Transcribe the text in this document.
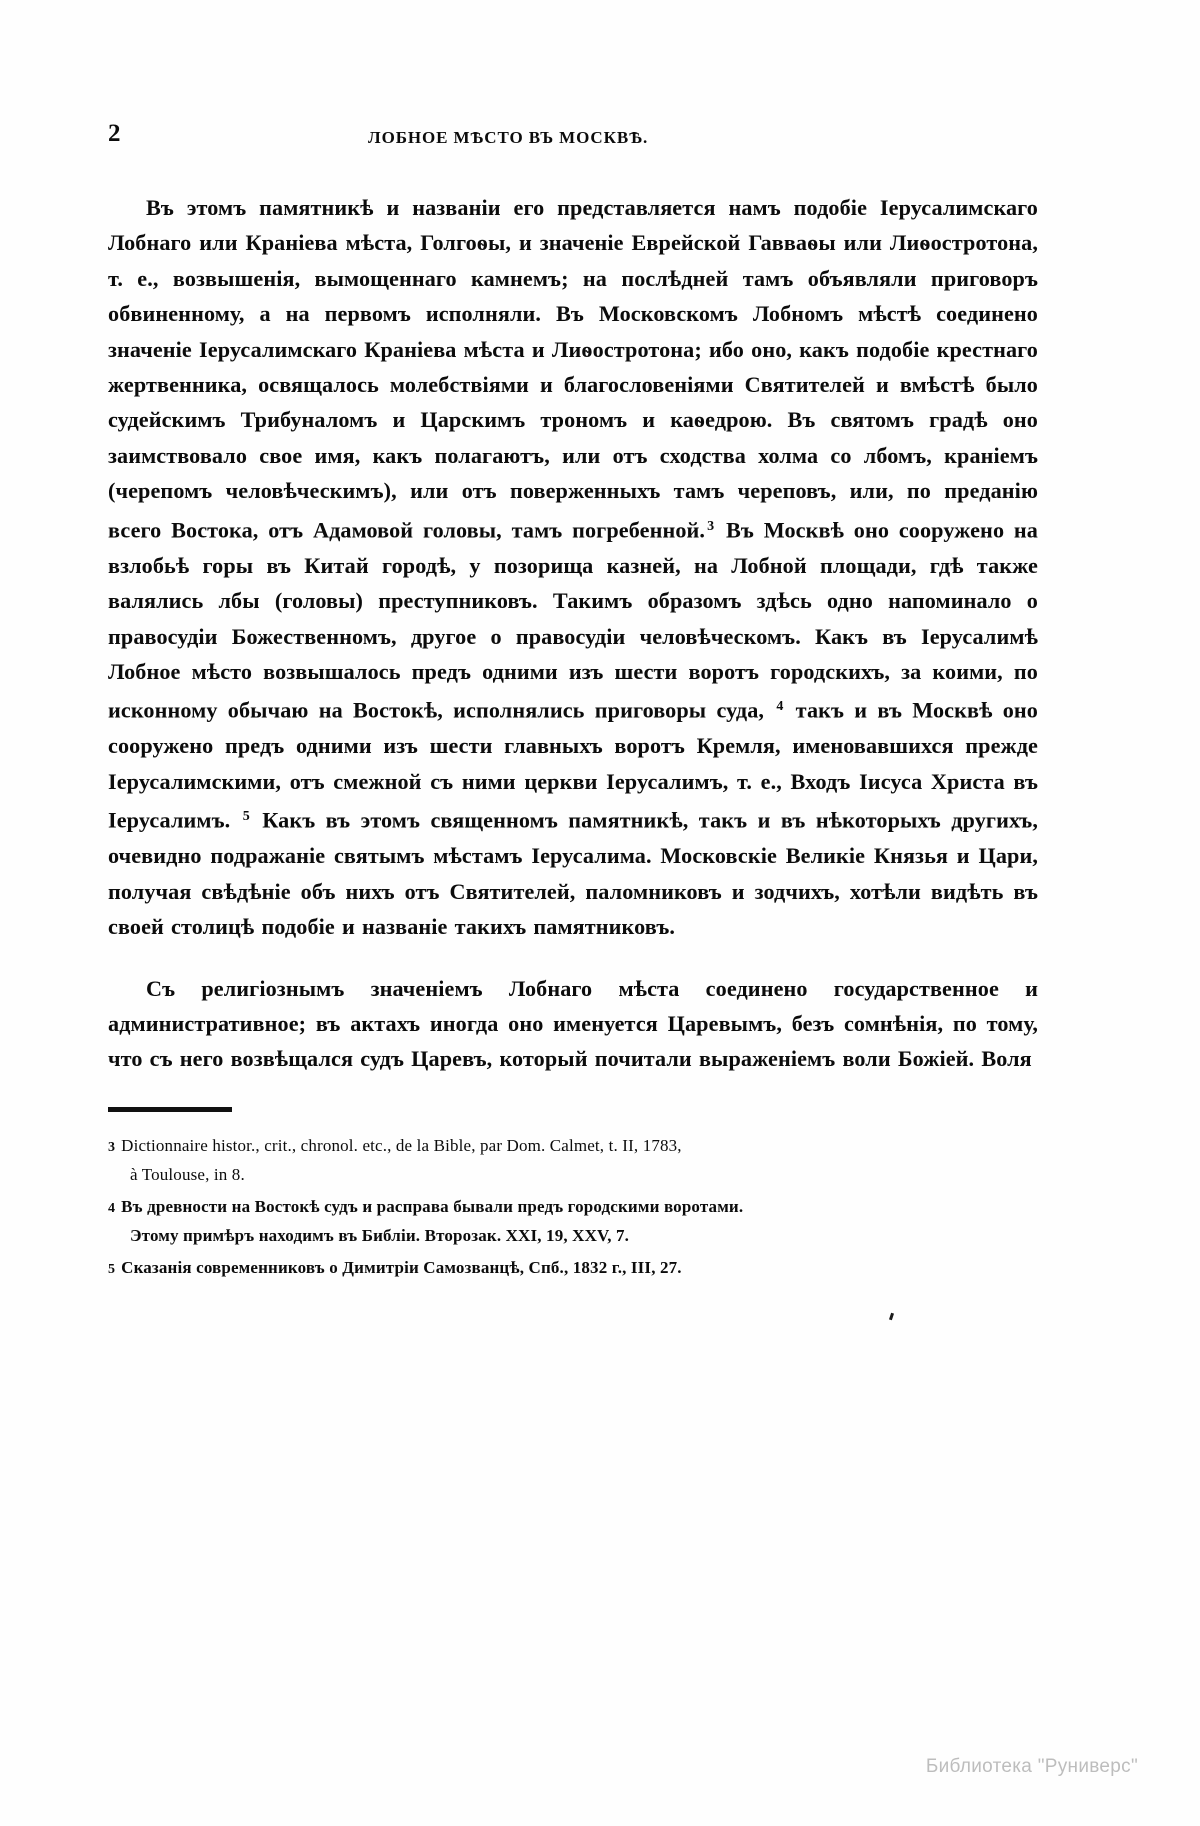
2	ЛОБНОЕ МѢСТО ВЪ МОСКВѢ.

Въ этомъ памятникѣ и названіи его представляется намъ подобіе Іерусалимскаго Лобнаго или Краніева мѣста, Голгоѳы, и значеніе Еврейской Гавваѳы или Лиѳостротона, т. е., возвышенія, вымощеннаго камнемъ; на послѣдней тамъ объявляли приговоръ обвиненному, а на первомъ исполняли. Въ Московскомъ Лобномъ мѣстѣ соединено значеніе Іерусалимскаго Краніева мѣста и Лиѳостротона; ибо оно, какъ подобіе крестнаго жертвенника, освящалось молебствіями и благословеніями Святителей и вмѣстѣ было судейскимъ Трибуналомъ и Царскимъ трономъ и каѳедрою. Въ святомъ градѣ оно заимствовало свое имя, какъ полагаютъ, или отъ сходства холма со лбомъ, краніемъ (черепомъ человѣческимъ), или отъ поверженныхъ тамъ череповъ, или, по преданію всего Востока, отъ Адамовой головы, тамъ погребенной. $^3$ Въ Москвѣ оно сооружено на взлобьѣ горы въ Китай городѣ, у позорища казней, на Лобной площади, гдѣ также валялись лбы (головы) преступниковъ. Такимъ образомъ здѣсь одно напоминало о правосудіи Божественномъ, другое о правосудіи человѣческомъ. Какъ въ Іерусалимѣ Лобное мѣсто возвышалось предъ одними изъ шести воротъ городскихъ, за коими, по исконному обычаю на Востокѣ, исполнялись приговоры суда, $^4$ такъ и въ Москвѣ оно сооружено предъ одними изъ шести главныхъ воротъ Кремля, именовавшихся прежде Іерусалимскими, отъ смежной съ ними церкви Іерусалимъ, т. е., Входъ Іисуса Христа въ Іерусалимъ. $^5$ Какъ въ этомъ священномъ памятникѣ, такъ и въ нѣкоторыхъ другихъ, очевидно подражаніе святымъ мѣстамъ Іерусалима. Московскіе Великіе Князья и Цари, получая свѣдѣніе объ нихъ отъ Святителей, паломниковъ и зодчихъ, хотѣли видѣть въ своей столицѣ подобіе и названіе такихъ памятниковъ.

Съ религіознымъ значеніемъ Лобнаго мѣста соединено государственное и административное; въ актахъ иногда оно именуется Царевымъ, безъ сомнѣнія, по тому, что съ него возвѣщался судъ Царевъ, который почитали выраженіемъ воли Божіей. Воля

3 Dictionnaire histor., crit., chronol. etc., de la Bible, par Dom. Calmet, t. II, 1783,
à Toulouse, in 8.
4 Въ древности на Востокѣ судъ и расправа бывали предъ городскими воротами.
Этому примѣръ находимъ въ Библіи. Второзак. XXI, 19, XXV, 7.
5 Сказанія современниковъ о Димитріи Самозванцѣ, Спб., 1832 г., III, 27.
Библиотека "Руниверс"
